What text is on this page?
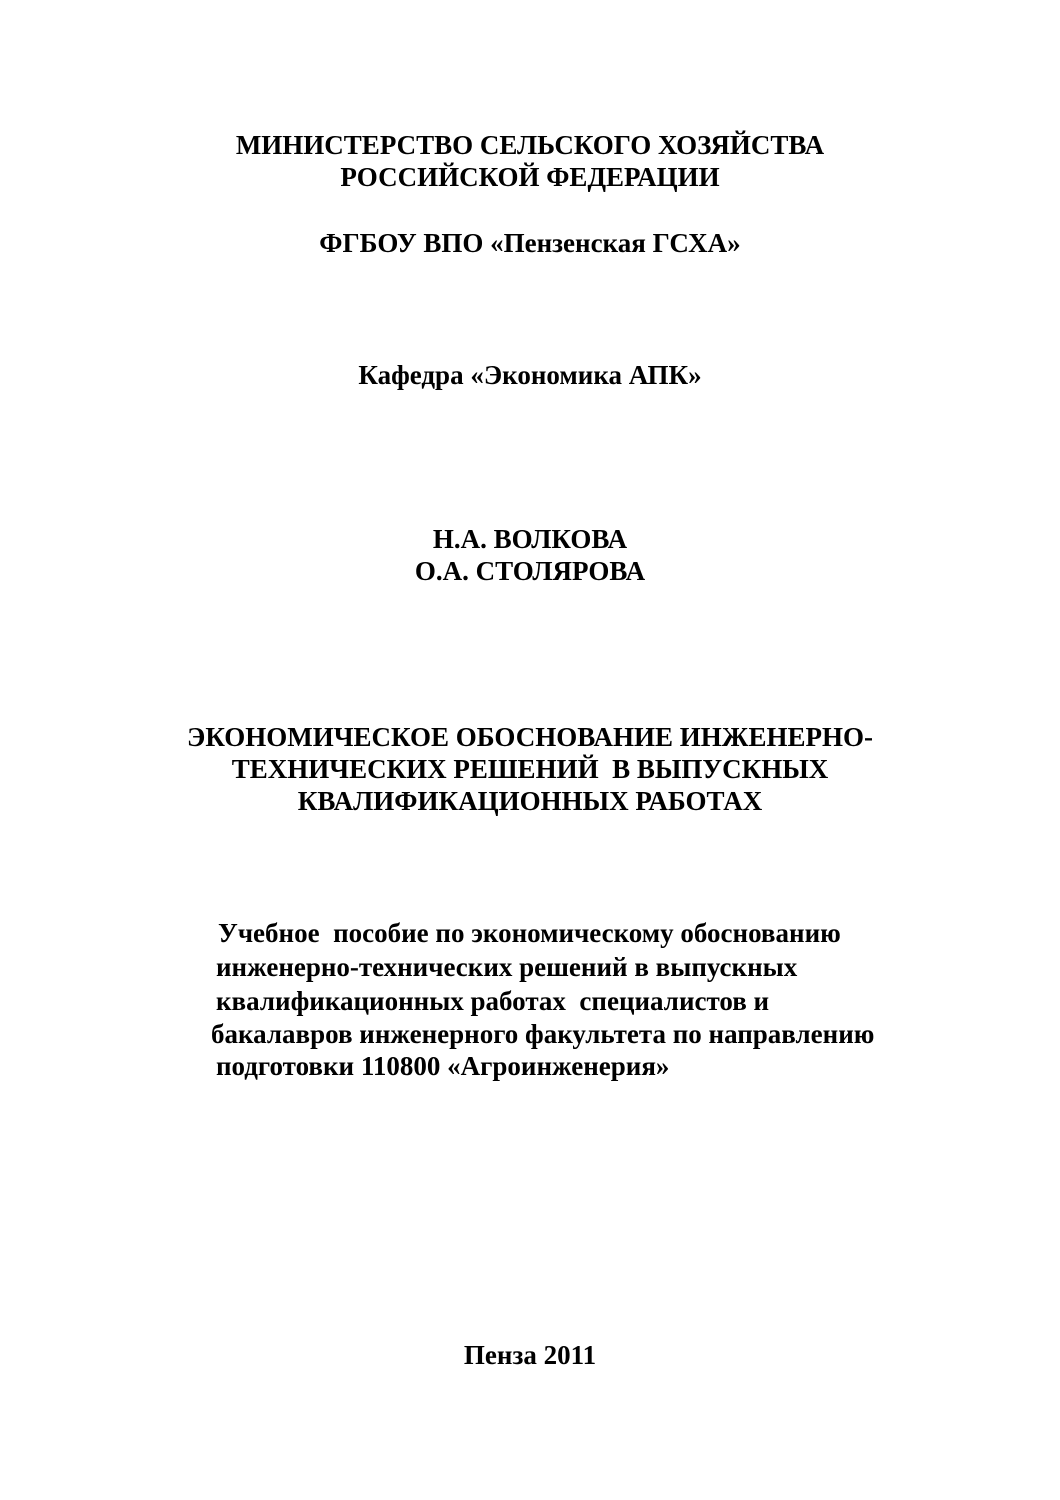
МИНИСТЕРСТВО СЕЛЬСКОГО ХОЗЯЙСТВА
РОССИЙСКОЙ ФЕДЕРАЦИИ
ФГБОУ ВПО «Пензенская ГСХА»
Кафедра «Экономика АПК»
Н.А. ВОЛКОВА
О.А. СТОЛЯРОВА
ЭКОНОМИЧЕСКОЕ ОБОСНОВАНИЕ ИНЖЕНЕРНО-
ТЕХНИЧЕСКИХ РЕШЕНИЙ  В ВЫПУСКНЫХ
КВАЛИФИКАЦИОННЫХ РАБОТАХ
Учебное  пособие по экономическому обоснованию
инженерно-технических решений в выпускных
квалификационных работах  специалистов и
бакалавров инженерного факультета по направлению
подготовки 110800 «Агроинженерия»
Пенза 2011
